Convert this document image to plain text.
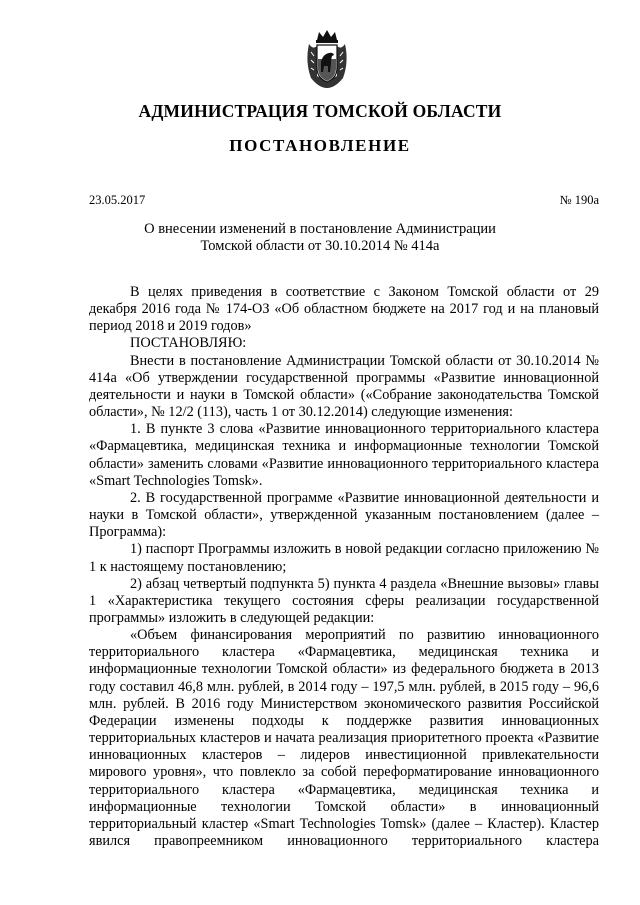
АДМИНИСТРАЦИЯ ТОМСКОЙ ОБЛАСТИ
ПОСТАНОВЛЕНИЕ
23.05.2017	№ 190а
О внесении изменений в постановление Администрации
Томской области от 30.10.2014 № 414а

В целях приведения в соответствие с Законом Томской области от 29 декабря 2016 года № 174-ОЗ «Об областном бюджете на 2017 год и на плановый период 2018 и 2019 годов»

ПОСТАНОВЛЯЮ:

Внести в постановление Администрации Томской области от 30.10.2014 № 414а «Об утверждении государственной программы «Развитие инновационной деятельности и науки в Томской области» («Собрание законодательства Томской области», № 12/2 (113), часть 1 от 30.12.2014) следующие изменения:

1. В пункте 3 слова «Развитие инновационного территориального кластера «Фармацевтика, медицинская техника и информационные технологии Томской области» заменить словами «Развитие инновационного территориального кластера «Smart Technologies Tomsk».

2. В государственной программе «Развитие инновационной деятельности и науки в Томской области», утвержденной указанным постановлением (далее – Программа):

1) паспорт Программы изложить в новой редакции согласно приложению № 1 к настоящему постановлению;

2) абзац четвертый подпункта 5) пункта 4 раздела «Внешние вызовы» главы 1 «Характеристика текущего состояния сферы реализации государственной программы» изложить в следующей редакции:

«Объем финансирования мероприятий по развитию инновационного территориального кластера «Фармацевтика, медицинская техника и информационные технологии Томской области» из федерального бюджета в 2013 году составил 46,8 млн. рублей, в 2014 году – 197,5 млн. рублей, в 2015 году – 96,6 млн. рублей. В 2016 году Министерством экономического развития Российской Федерации изменены подходы к поддержке развития инновационных территориальных кластеров и начата реализация приоритетного проекта «Развитие инновационных кластеров – лидеров инвестиционной привлекательности мирового уровня», что повлекло за собой переформатирование инновационного территориального кластера «Фармацевтика, медицинская техника и информационные технологии Томской области» в инновационный территориальный кластер «Smart Technologies Tomsk» (далее – Кластер). Кластер явился правопреемником инновационного территориального кластера
